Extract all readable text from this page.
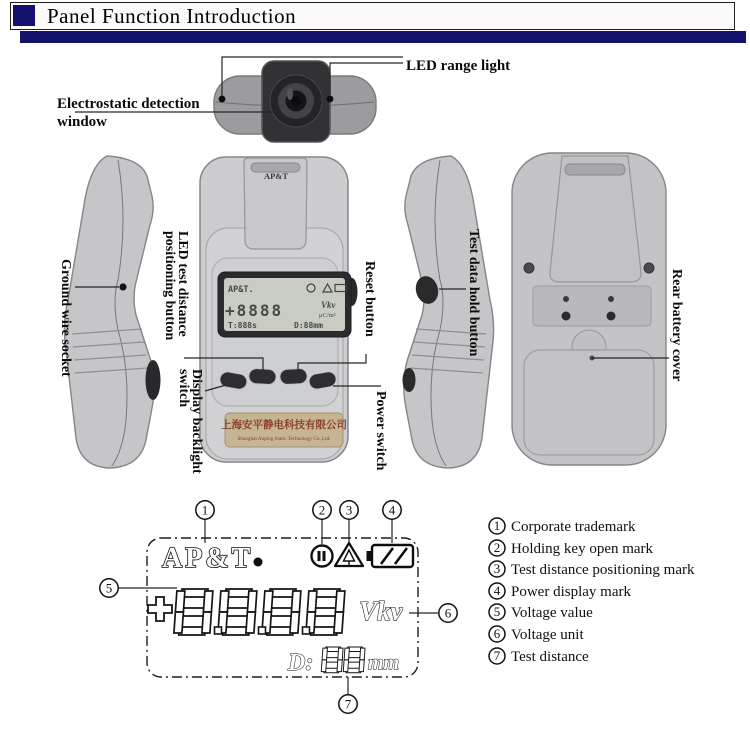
Panel Function Introduction
LED range light
Electrostatic detection
window
Ground wire socket
AP&T
AP&T.
+8888	Vkv
μC/m²
T:888s	D:88mm
上海安平静电科技有限公司
Shanghai Anping Static Technology Co.,Ltd.
LED test distance
positioning button
Display backlight
switch
Reset button
Power switch
Test data hold button	Rear battery cover
AP&T
Vkv
D:	mm
1	2 3	4
5
6
7
1 Corporate trademark
2 Holding key open mark
3 Test distance positioning mark
4 Power display mark
5 Voltage value
6 Voltage unit
7 Test distance
